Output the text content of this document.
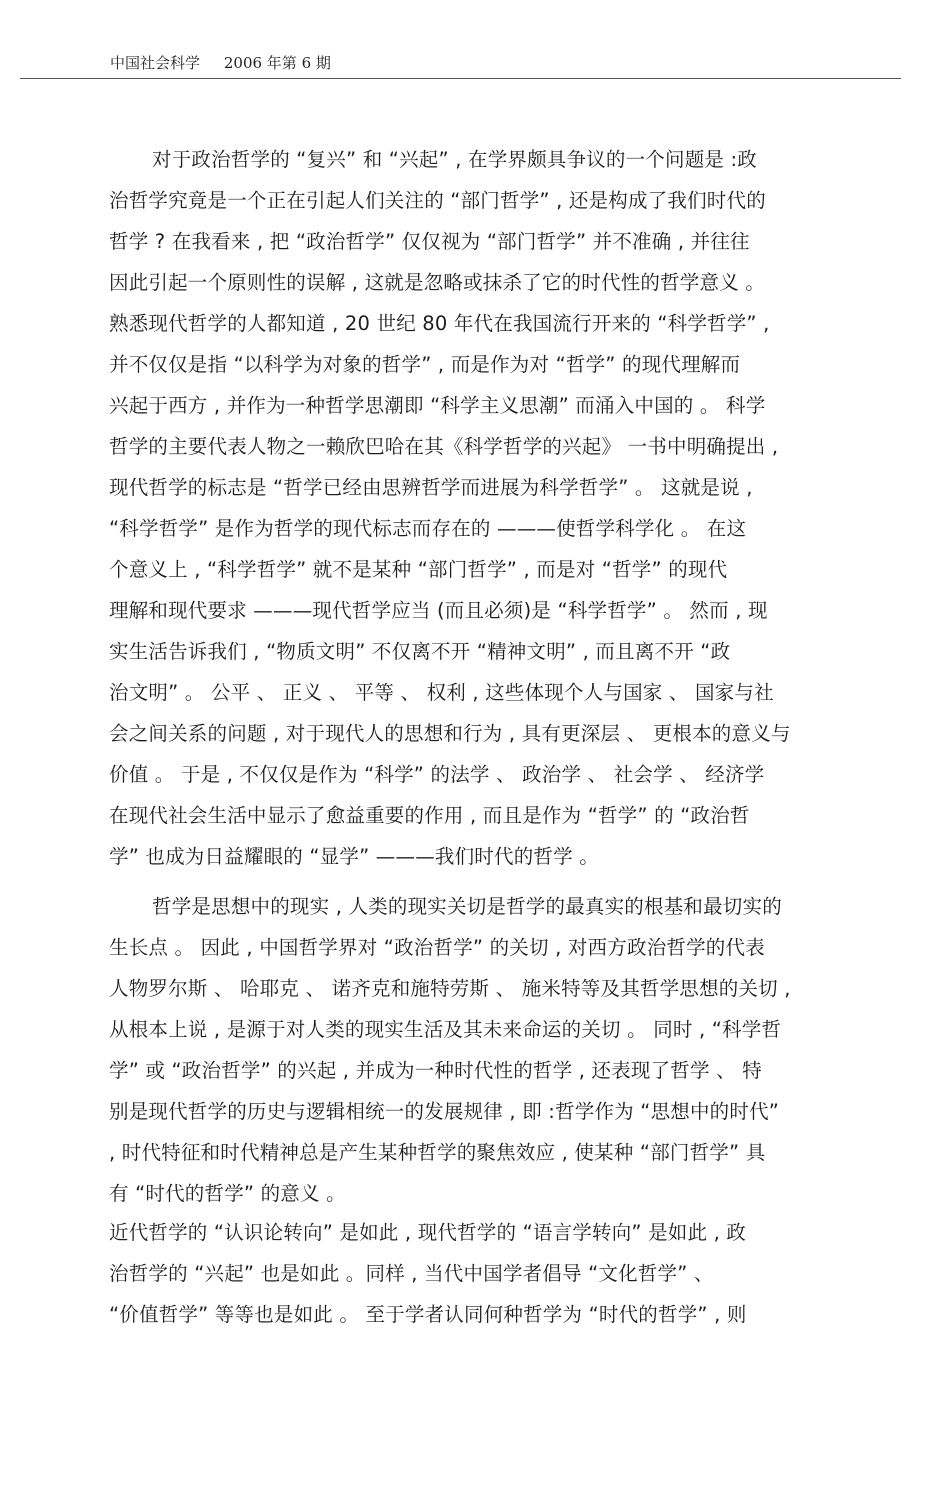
中国社会科学 2006 年第 6 期
对于政治哲学的 “复兴” 和 “兴起” , 在学界颇具争议的一个问题是 :政
治哲学究竟是一个正在引起人们关注的 “部门哲学” , 还是构成了我们时代的
哲学 ? 在我看来 , 把 “政治哲学” 仅仅视为 “部门哲学” 并不准确 , 并往往
因此引起一个原则性的误解 , 这就是忽略或抹杀了它的时代性的哲学意义 。
熟悉现代哲学的人都知道 , 20 世纪 80 年代在我国流行开来的 “科学哲学” ,
并不仅仅是指 “以科学为对象的哲学” , 而是作为对 “哲学” 的现代理解而
兴起于西方 , 并作为一种哲学思潮即 “科学主义思潮” 而涌入中国的 。 科学
哲学的主要代表人物之一赖欣巴哈在其《科学哲学的兴起》 一书中明确提出 ,
现代哲学的标志是 “哲学已经由思辨哲学而进展为科学哲学” 。 这就是说 ,
“科学哲学” 是作为哲学的现代标志而存在的 ———使哲学科学化 。 在这
个意义上 , “科学哲学” 就不是某种 “部门哲学” , 而是对 “哲学” 的现代
理解和现代要求 ———现代哲学应当 (而且必须)是 “科学哲学” 。 然而 , 现
实生活告诉我们 , “物质文明” 不仅离不开 “精神文明” , 而且离不开 “政
治文明” 。 公平 、 正义 、 平等 、 权利 , 这些体现个人与国家 、 国家与社
会之间关系的问题 , 对于现代人的思想和行为 , 具有更深层 、 更根本的意义与
价值 。 于是 , 不仅仅是作为 “科学” 的法学 、 政治学 、 社会学 、 经济学
在现代社会生活中显示了愈益重要的作用 , 而且是作为 “哲学” 的 “政治哲
学” 也成为日益耀眼的 “显学” ———我们时代的哲学 。
哲学是思想中的现实 , 人类的现实关切是哲学的最真实的根基和最切实的
生长点 。 因此 , 中国哲学界对 “政治哲学” 的关切 , 对西方政治哲学的代表
人物罗尔斯 、 哈耶克 、 诺齐克和施特劳斯 、 施米特等及其哲学思想的关切 ,
从根本上说 , 是源于对人类的现实生活及其未来命运的关切 。 同时 , “科学哲
学” 或 “政治哲学” 的兴起 , 并成为一种时代性的哲学 , 还表现了哲学 、 特
别是现代哲学的历史与逻辑相统一的发展规律 , 即 :哲学作为 “思想中的时代”
, 时代特征和时代精神总是产生某种哲学的聚焦效应 , 使某种 “部门哲学” 具
有 “时代的哲学” 的意义 。
近代哲学的 “认识论转向” 是如此 , 现代哲学的 “语言学转向” 是如此 , 政
治哲学的 “兴起” 也是如此 。同样 , 当代中国学者倡导 “文化哲学” 、
“价值哲学” 等等也是如此 。 至于学者认同何种哲学为 “时代的哲学” , 则
